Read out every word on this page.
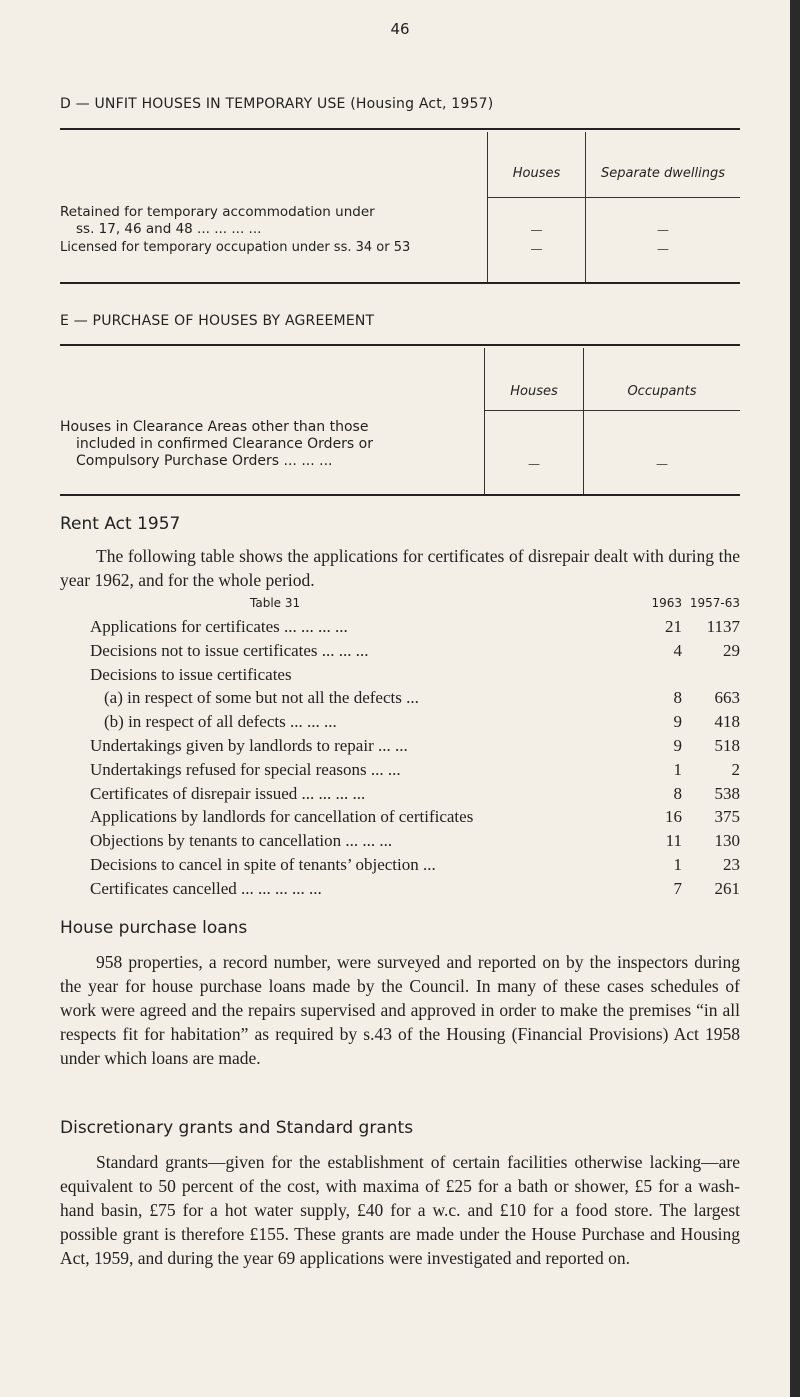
46
D — UNFIT HOUSES IN TEMPORARY USE (Housing Act, 1957)
Houses	Separate dwellings
Retained for temporary accommodation under
ss. 17, 46 and 48 ... ... ... ...	—	—
Licensed for temporary occupation under ss. 34 or 53	—	—
E — PURCHASE OF HOUSES BY AGREEMENT
Houses	Occupants
Houses in Clearance Areas other than those
included in confirmed Clearance Orders or
Compulsory Purchase Orders ... ... ...	—	—
Rent Act 1957
The following table shows the applications for certificates of disrepair dealt with during the year 1962, and for the whole period.
Table 31	1963 1957-63
Applications for certificates ... ... ... ...	21	1137
Decisions not to issue certificates ... ... ...	4	29
Decisions to issue certificates
(a) in respect of some but not all the defects ...	8	663
(b) in respect of all defects ... ... ...	9	418
Undertakings given by landlords to repair ... ...	9	518
Undertakings refused for special reasons ... ...	1	2
Certificates of disrepair issued ... ... ... ...	8	538
Applications by landlords for cancellation of certificates	16	375
Objections by tenants to cancellation ... ... ...	11	130
Decisions to cancel in spite of tenants’ objection ...	1	23
Certificates cancelled ... ... ... ... ...	7	261
House purchase loans
958 properties, a record number, were surveyed and reported on by the inspectors during the year for house purchase loans made by the Council. In many of these cases schedules of work were agreed and the repairs supervised and approved in order to make the premises “in all respects fit for habitation” as required by s.43 of the Housing (Financial Provisions) Act 1958 under which loans are made.
Discretionary grants and Standard grants
Standard grants—given for the establishment of certain facilities otherwise lacking—are equivalent to 50 percent of the cost, with maxima of £25 for a bath or shower, £5 for a wash-hand basin, £75 for a hot water supply, £40 for a w.c. and £10 for a food store. The largest possible grant is therefore £155. These grants are made under the House Purchase and Housing Act, 1959, and during the year 69 applications were investigated and reported on.
